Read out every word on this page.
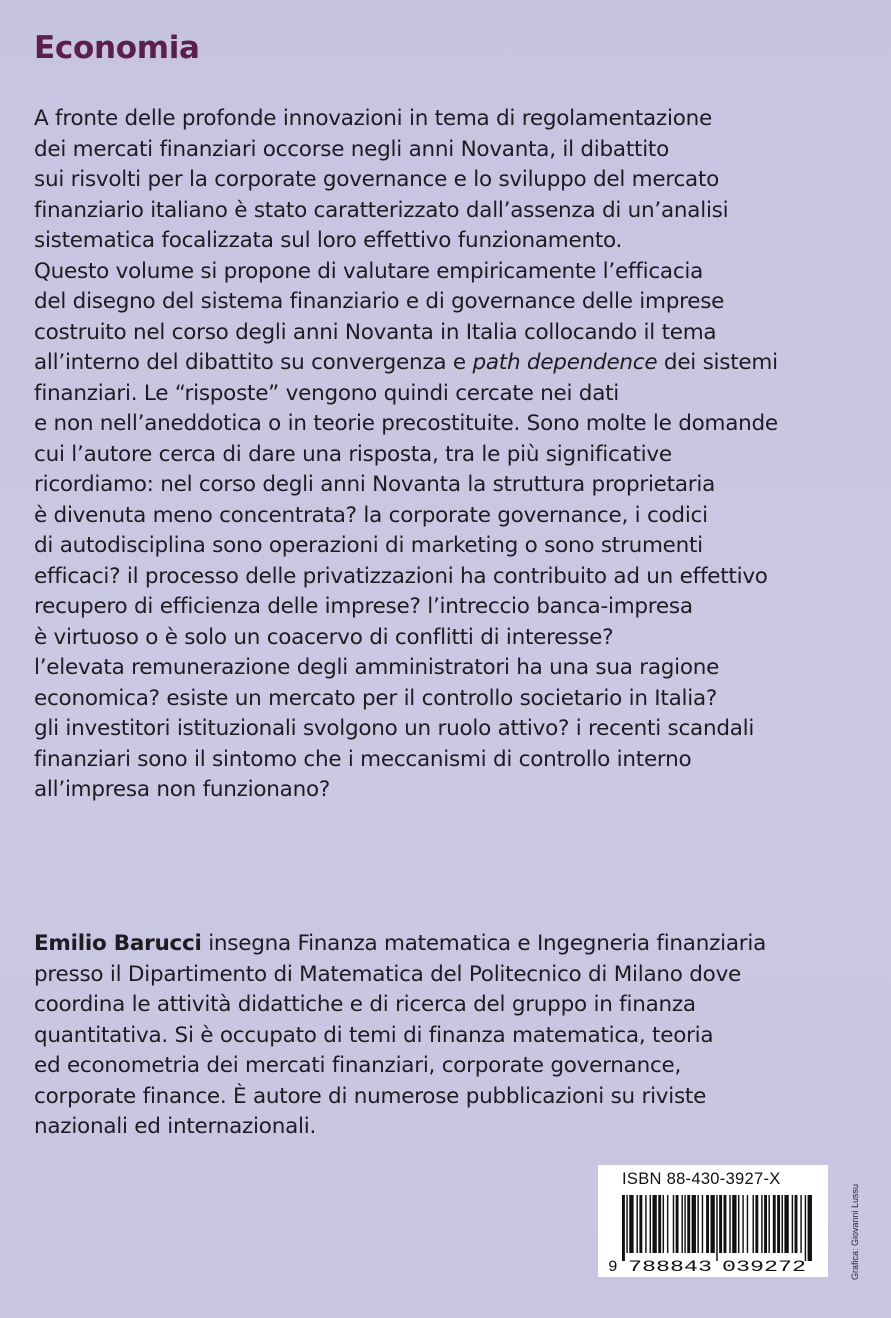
Economia

A fronte delle profonde innovazioni in tema di regolamentazione
dei mercati finanziari occorse negli anni Novanta, il dibattito
sui risvolti per la corporate governance e lo sviluppo del mercato
finanziario italiano è stato caratterizzato dall’assenza di un’analisi
sistematica focalizzata sul loro effettivo funzionamento.
Questo volume si propone di valutare empiricamente l’efficacia
del disegno del sistema finanziario e di governance delle imprese
costruito nel corso degli anni Novanta in Italia collocando il tema
all’interno del dibattito su convergenza e path dependence dei sistemi
finanziari. Le “risposte” vengono quindi cercate nei dati
e non nell’aneddotica o in teorie precostituite. Sono molte le domande
cui l’autore cerca di dare una risposta, tra le più significative
ricordiamo: nel corso degli anni Novanta la struttura proprietaria
è divenuta meno concentrata? la corporate governance, i codici
di autodisciplina sono operazioni di marketing o sono strumenti
efficaci? il processo delle privatizzazioni ha contribuito ad un effettivo
recupero di efficienza delle imprese? l’intreccio banca-impresa
è virtuoso o è solo un coacervo di conflitti di interesse?
l’elevata remunerazione degli amministratori ha una sua ragione
economica? esiste un mercato per il controllo societario in Italia?
gli investitori istituzionali svolgono un ruolo attivo? i recenti scandali
finanziari sono il sintomo che i meccanismi di controllo interno
all’impresa non funzionano?

Emilio Barucci insegna Finanza matematica e Ingegneria finanziaria
presso il Dipartimento di Matematica del Politecnico di Milano dove
coordina le attività didattiche e di ricerca del gruppo in finanza
quantitativa. Si è occupato di temi di finanza matematica, teoria
ed econometria dei mercati finanziari, corporate governance,
corporate finance. È autore di numerose pubblicazioni su riviste
nazionali ed internazionali.

ISBN 88-430-3927-X
9 788843 039272	Grafica: Giovanni Lussu
